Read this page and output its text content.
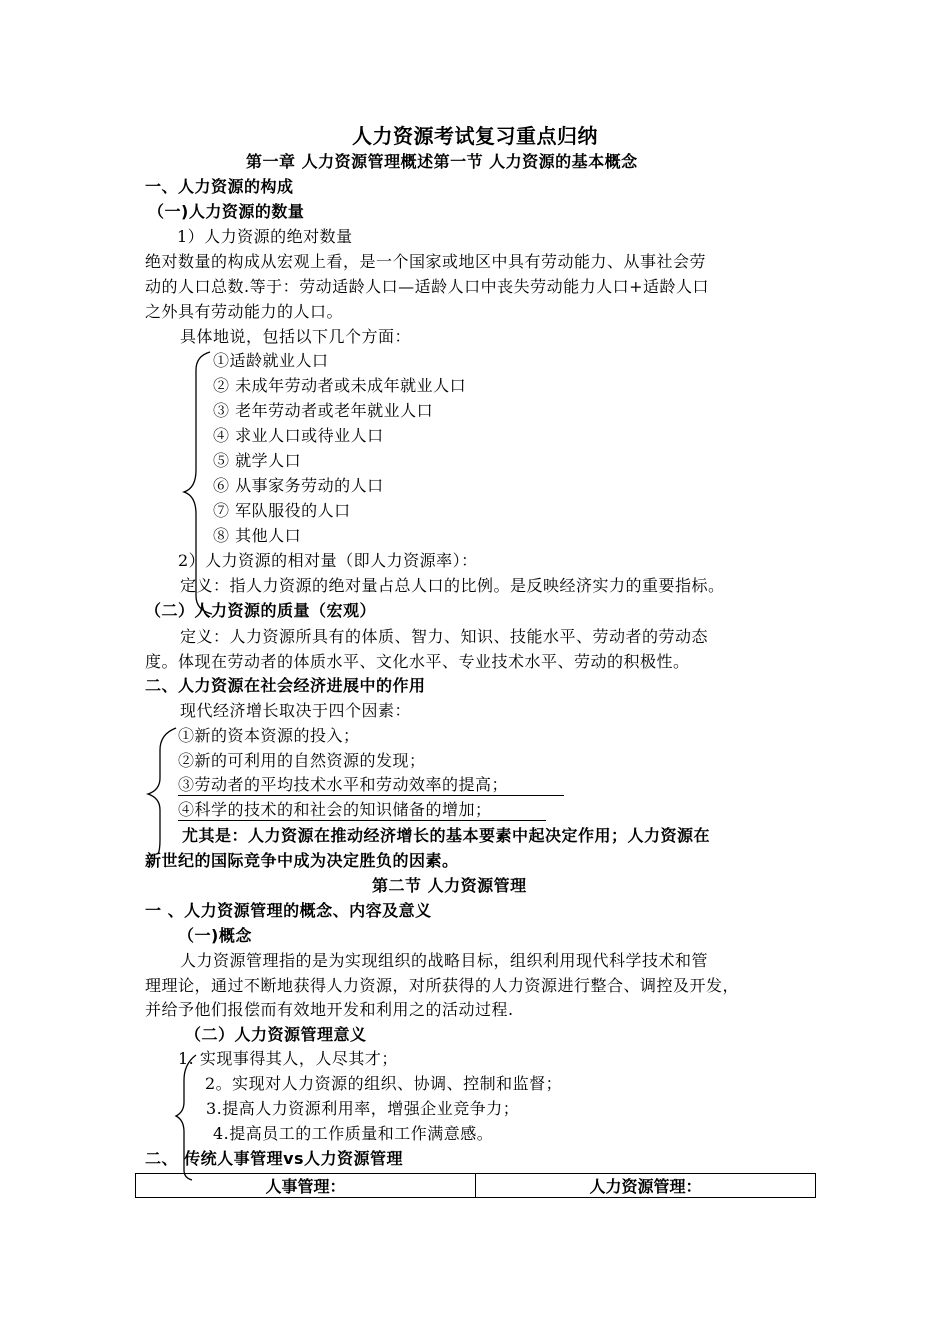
人力资源考试复习重点归纳
第一章 人力资源管理概述第一节 人力资源的基本概念
一、人力资源的构成
（一)人力资源的数量
1）人力资源的绝对数量
绝对数量的构成从宏观上看，是一个国家或地区中具有劳动能力、从事社会劳
动的人口总数.等于：劳动适龄人口—适龄人口中丧失劳动能力人口+适龄人口
之外具有劳动能力的人口。
具体地说，包括以下几个方面：
①适龄就业人口
② 未成年劳动者或未成年就业人口
③ 老年劳动者或老年就业人口
④ 求业人口或待业人口
⑤ 就学人口
⑥ 从事家务劳动的人口
⑦ 军队服役的人口
⑧ 其他人口
2）人力资源的相对量（即人力资源率）：
定义：指人力资源的绝对量占总人口的比例。是反映经济实力的重要指标。
（二）人力资源的质量（宏观）
定义：人力资源所具有的体质、智力、知识、技能水平、劳动者的劳动态
度。体现在劳动者的体质水平、文化水平、专业技术水平、劳动的积极性。
二、人力资源在社会经济进展中的作用
现代经济增长取决于四个因素：
①新的资本资源的投入；
②新的可利用的自然资源的发现；
③劳动者的平均技术水平和劳动效率的提高；
④科学的技术的和社会的知识储备的增加；
尤其是：人力资源在推动经济增长的基本要素中起决定作用；人力资源在
新世纪的国际竞争中成为决定胜负的因素。
第二节 人力资源管理
一 、人力资源管理的概念、内容及意义
（一)概念
人力资源管理指的是为实现组织的战略目标，组织利用现代科学技术和管
理理论，通过不断地获得人力资源，对所获得的人力资源进行整合、调控及开发，
并给予他们报偿而有效地开发和利用之的活动过程.
（二）人力资源管理意义
1. 实现事得其人，人尽其才；
2。实现对人力资源的组织、协调、控制和监督；
3.提高人力资源利用率，增强企业竞争力；
4.提高员工的工作质量和工作满意感。
二、 传统人事管理vs人力资源管理
人事管理：	人力资源管理：
